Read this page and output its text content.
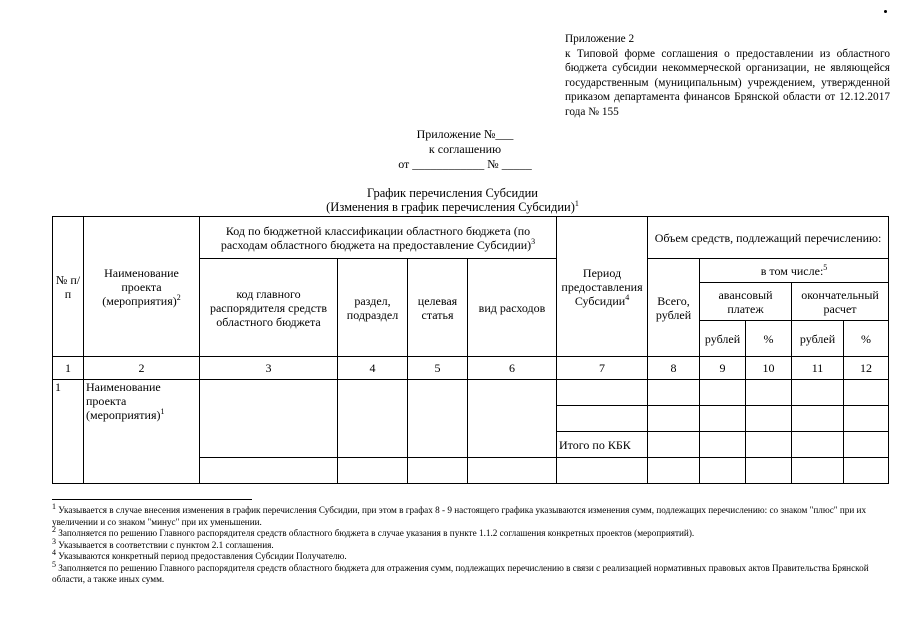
Приложение 2
к Типовой форме соглашения о предоставлении из областного бюджета субсидии некоммерческой организации, не являющейся государственным (муниципальным) учреждением, утвержденной приказом департамента финансов Брянской области от 12.12.2017 года № 155
Приложение №___
к соглашению
от ____________ № _____
График перечисления Субсидии
(Изменения в график перечисления Субсидии)$^1$
№ п/п	Наименование проекта (мероприятия)$^2$	Код по бюджетной классификации областного бюджета (по расходам областного бюджета на предоставление Субсидии)$^3$				Период предоставления Субсидии$^4$	Объем средств, подлежащий перечислению:				
		код главного распорядителя средств областного бюджета	раздел, подраздел	целевая статья	вид расходов		Всего, рублей	в том числе:$^5$
								авансовый платеж		окончательный расчет	
								рублей	%	рублей	%
1	2	3	4	5	6	7	8	9	10	11	12
1	Наименование проекта (мероприятия)$^1$										

						Итого по КБК					

$^1$ Указывается в случае внесения изменения в график перечисления Субсидии, при этом в графах 8 - 9 настоящего графика указываются изменения сумм, подлежащих перечислению: со знаком "плюс" при их увеличении и со знаком "минус" при их уменьшении.

$^2$ Заполняется по решению Главного распорядителя средств областного бюджета в случае указания в пункте 1.1.2 соглашения конкретных проектов (мероприятий).

$^3$ Указывается в соответствии с пунктом 2.1 соглашения.

$^4$ Указываются конкретный период предоставления Субсидии Получателю.

$^5$ Заполняется по решению Главного распорядителя средств областного бюджета для отражения сумм, подлежащих перечислению в связи с реализацией нормативных правовых актов Правительства Брянской области, а также иных сумм.
